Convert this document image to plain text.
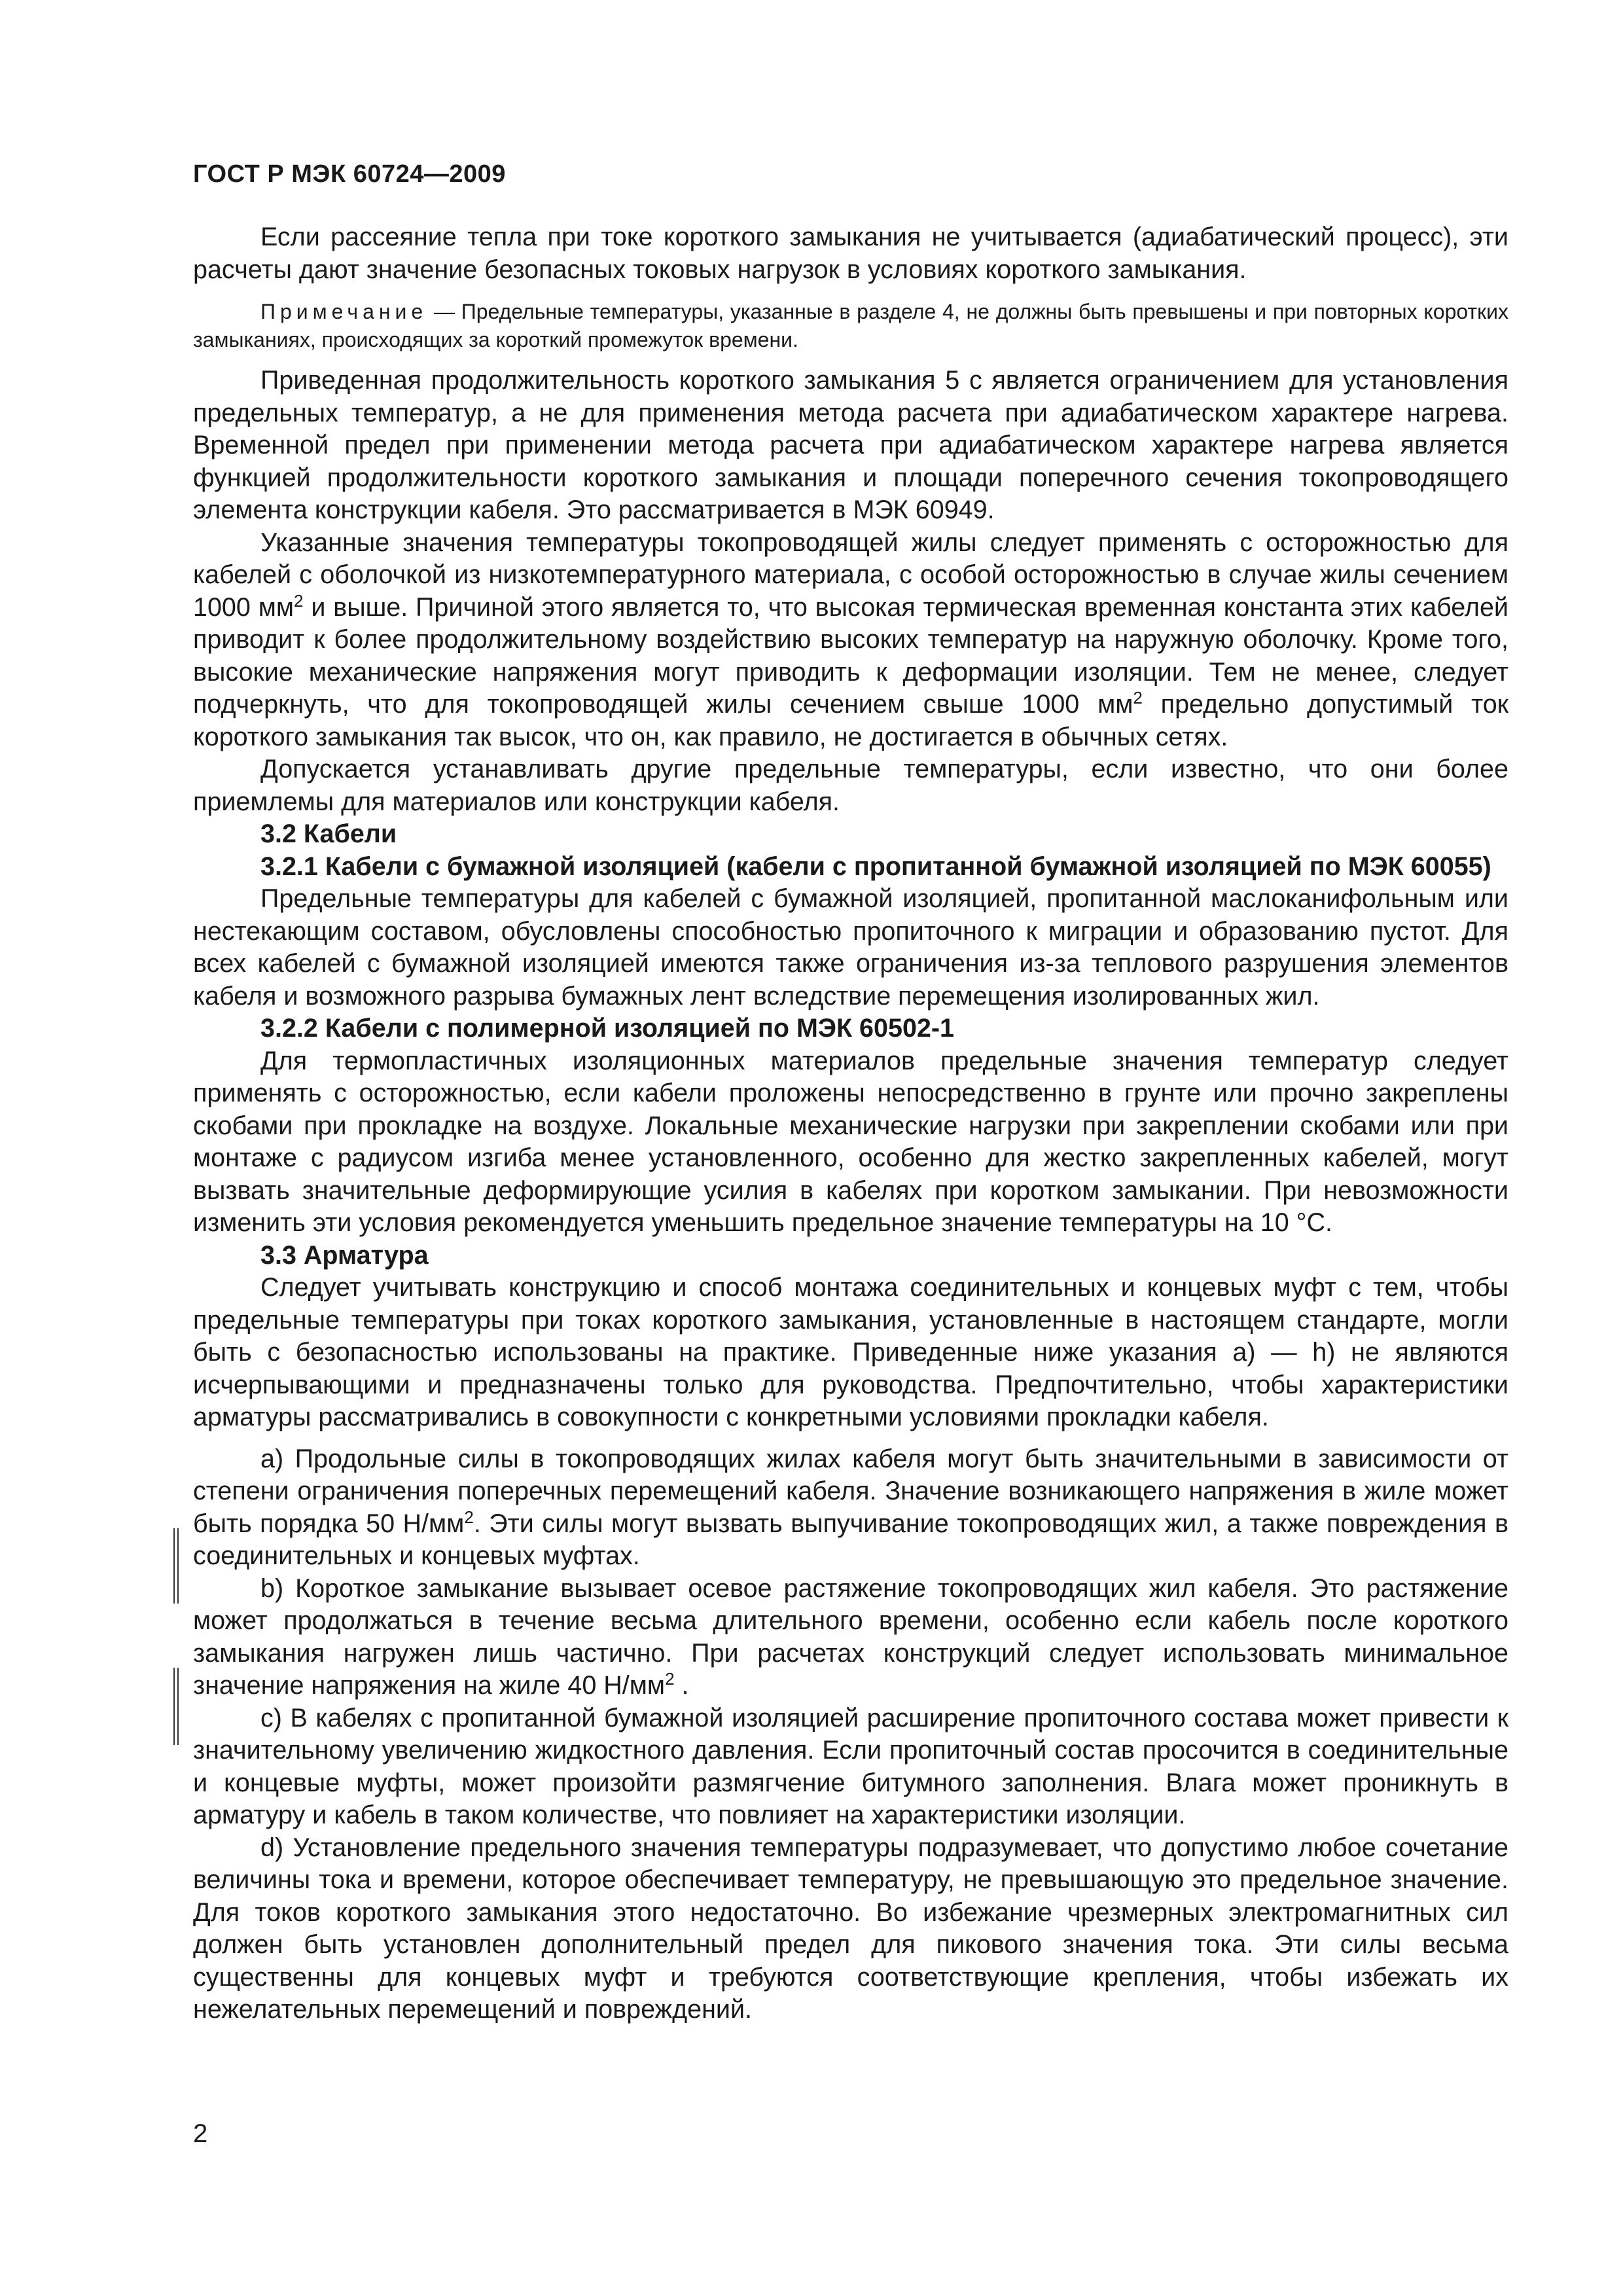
ГОСТ Р МЭК 60724—2009

Если рассеяние тепла при токе короткого замыкания не учитывается (адиабатический процесс), эти расчеты дают значение безопасных токовых нагрузок в условиях короткого замыкания.

Примечание — Предельные температуры, указанные в разделе 4, не должны быть превышены и при повторных коротких замыканиях, происходящих за короткий промежуток времени.

Приведенная продолжительность короткого замыкания 5 с является ограничением для установления предельных температур, а не для применения метода расчета при адиабатическом характере нагрева. Временной предел при применении метода расчета при адиабатическом характере нагрева является функцией продолжительности короткого замыкания и площади поперечного сечения токопроводящего элемента конструкции кабеля. Это рассматривается в МЭК 60949.

Указанные значения температуры токопроводящей жилы следует применять с осторожностью для кабелей с оболочкой из низкотемпературного материала, с особой осторожностью в случае жилы сечением 1000 $мм^2$ и выше. Причиной этого является то, что высокая термическая временная константа этих кабелей приводит к более продолжительному воздействию высоких температур на наружную оболочку. Кроме того, высокие механические напряжения могут приводить к деформации изоляции. Тем не менее, следует подчеркнуть, что для токопроводящей жилы сечением свыше 1000 $мм^2$ предельно допустимый ток короткого замыкания так высок, что он, как правило, не достигается в обычных сетях.

Допускается устанавливать другие предельные температуры, если известно, что они более приемлемы для материалов или конструкции кабеля.

3.2 Кабели

3.2.1 Кабели с бумажной изоляцией (кабели с пропитанной бумажной изоляцией по МЭК 60055)

Предельные температуры для кабелей с бумажной изоляцией, пропитанной маслоканифольным или нестекающим составом, обусловлены способностью пропиточного к миграции и образованию пустот. Для всех кабелей с бумажной изоляцией имеются также ограничения из-за теплового разрушения элементов кабеля и возможного разрыва бумажных лент вследствие перемещения изолированных жил.

3.2.2 Кабели с полимерной изоляцией по МЭК 60502-1

Для термопластичных изоляционных материалов предельные значения температур следует применять с осторожностью, если кабели проложены непосредственно в грунте или прочно закреплены скобами при прокладке на воздухе. Локальные механические нагрузки при закреплении скобами или при монтаже с радиусом изгиба менее установленного, особенно для жестко закрепленных кабелей, могут вызвать значительные деформирующие усилия в кабелях при коротком замыкании. При невозможности изменить эти условия рекомендуется уменьшить предельное значение температуры на 10 °С.

3.3 Арматура

Следует учитывать конструкцию и способ монтажа соединительных и концевых муфт с тем, чтобы предельные температуры при токах короткого замыкания, установленные в настоящем стандарте, могли быть с безопасностью использованы на практике. Приведенные ниже указания а) — h) не являются исчерпывающими и предназначены только для руководства. Предпочтительно, чтобы характеристики арматуры рассматривались в совокупности с конкретными условиями прокладки кабеля.

а) Продольные силы в токопроводящих жилах кабеля могут быть значительными в зависимости от степени ограничения поперечных перемещений кабеля. Значение возникающего напряжения в жиле может быть порядка 50 $Н/мм^2$. Эти силы могут вызвать выпучивание токопроводящих жил, а также повреждения в соединительных и концевых муфтах.

b) Короткое замыкание вызывает осевое растяжение токопроводящих жил кабеля. Это растяжение может продолжаться в течение весьма длительного времени, особенно если кабель после короткого замыкания нагружен лишь частично. При расчетах конструкций следует использовать минимальное значение напряжения на жиле 40 $Н/мм^2$ .

с) В кабелях с пропитанной бумажной изоляцией расширение пропиточного состава может привести к значительному увеличению жидкостного давления. Если пропиточный состав просочится в соединительные и концевые муфты, может произойти размягчение битумного заполнения. Влага может проникнуть в арматуру и кабель в таком количестве, что повлияет на характеристики изоляции.

d) Установление предельного значения температуры подразумевает, что допустимо любое сочетание величины тока и времени, которое обеспечивает температуру, не превышающую это предельное значение. Для токов короткого замыкания этого недостаточно. Во избежание чрезмерных электромагнитных сил должен быть установлен дополнительный предел для пикового значения тока. Эти силы весьма существенны для концевых муфт и требуются соответствующие крепления, чтобы избежать их нежелательных перемещений и повреждений.

2
